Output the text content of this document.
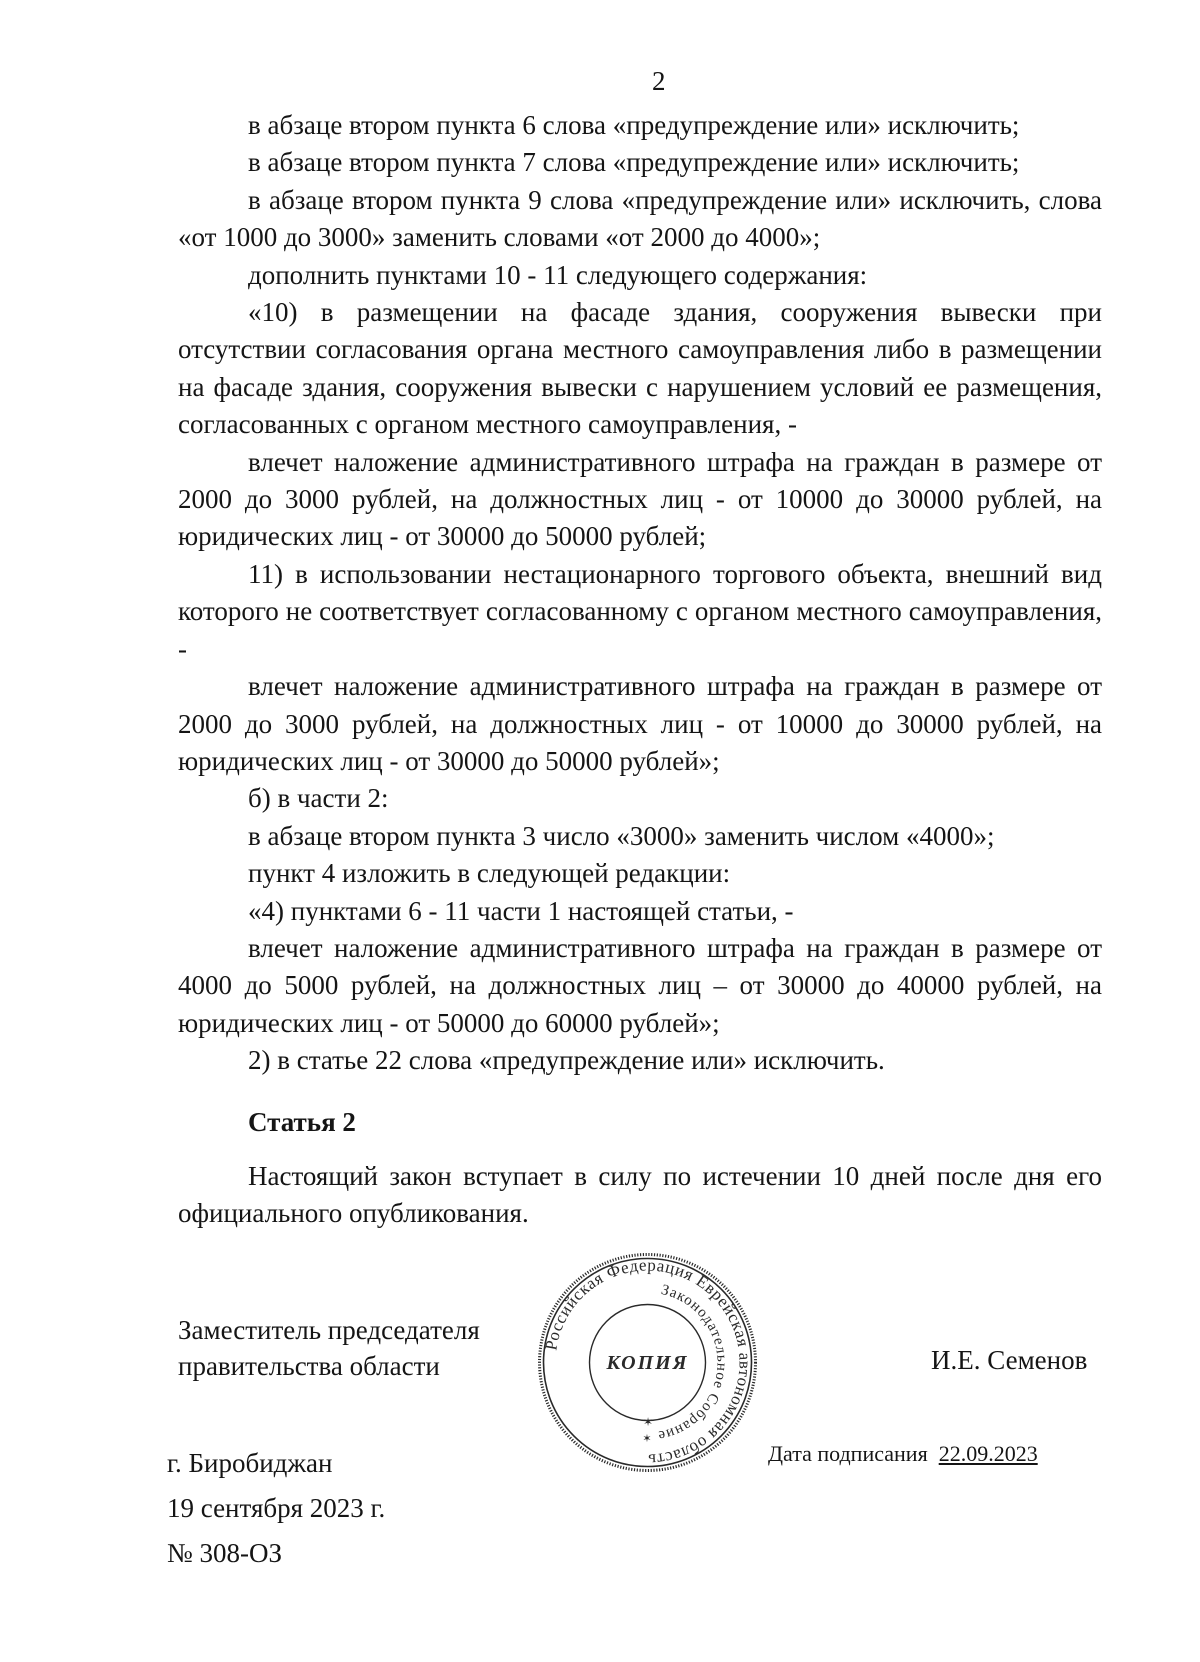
2

в абзаце втором пункта 6 слова «предупреждение или» исключить;

в абзаце втором пункта 7 слова «предупреждение или» исключить;

в абзаце втором пункта 9 слова «предупреждение или» исключить, слова «от 1000 до 3000» заменить словами «от 2000 до 4000»;

дополнить пунктами 10 - 11 следующего содержания:

«10) в размещении на фасаде здания, сооружения вывески при отсутствии согласования органа местного самоуправления либо в размещении на фасаде здания, сооружения вывески с нарушением условий ее размещения, согласованных с органом местного самоуправления, -

влечет наложение административного штрафа на граждан в размере от 2000 до 3000 рублей, на должностных лиц - от 10000 до 30000 рублей, на юридических лиц - от 30000 до 50000 рублей;

11) в использовании нестационарного торгового объекта, внешний вид которого не соответствует согласованному с органом местного самоуправления, -

влечет наложение административного штрафа на граждан в размере от 2000 до 3000 рублей, на должностных лиц - от 10000 до 30000 рублей, на юридических лиц - от 30000 до 50000 рублей»;

б) в части 2:

в абзаце втором пункта 3 число «3000» заменить числом «4000»;

пункт 4 изложить в следующей редакции:

«4) пунктами 6 - 11 части 1 настоящей статьи, -

влечет наложение административного штрафа на граждан в размере от 4000 до 5000 рублей, на должностных лиц – от 30000 до 40000 рублей, на юридических лиц - от 50000 до 60000 рублей»;

2) в статье 22 слова «предупреждение или» исключить.

Статья 2

Настоящий закон вступает в силу по истечении 10 дней после дня его официального опубликования.

Заместитель председателя
правительства области
Российская Федерация Еврейская автономная область
Законодательное Собрание
КОПИЯ
✶
✶
И.Е. Семенов
г. Биробиджан
19 сентября 2023 г.
№ 308-ОЗ
Дата подписания 22.09.2023
